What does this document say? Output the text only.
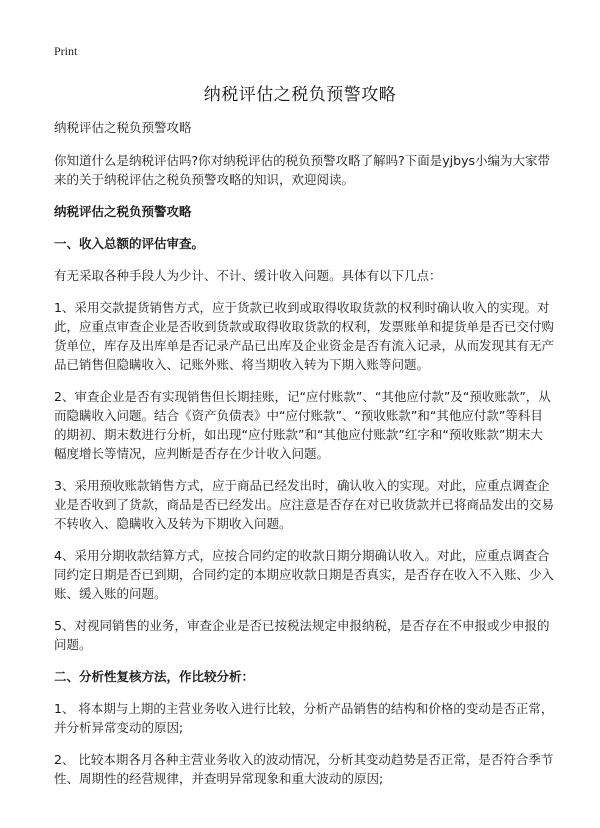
Print
纳税评估之税负预警攻略

纳税评估之税负预警攻略

你知道什么是纳税评估吗?你对纳税评估的税负预警攻略了解吗?下面是yjbys小编为大家带来的关于纳税评估之税负预警攻略的知识，欢迎阅读。

纳税评估之税负预警攻略

一、收入总额的评估审查。

有无采取各种手段人为少计、不计、缓计收入问题。具体有以下几点：

1、采用交款提货销售方式，应于货款已收到或取得收取货款的权利时确认收入的实现。对此，应重点审查企业是否收到货款或取得收取货款的权利，发票账单和提货单是否已交付购货单位，库存及出库单是否记录产品已出库及企业资金是否有流入记录，从而发现其有无产品已销售但隐瞒收入、记账外账、将当期收入转为下期入账等问题。

2、审查企业是否有实现销售但长期挂账，记“应付账款”、“其他应付款”及“预收账款”，从而隐瞒收入问题。结合《资产负债表》中“应付账款”、“预收账款”和“其他应付款”等科目的期初、期末数进行分析，如出现“应付账款”和“其他应付账款”红字和“预收账款”期末大幅度增长等情况，应判断是否存在少计收入问题。

3、采用预收账款销售方式，应于商品已经发出时，确认收入的实现。对此，应重点调查企业是否收到了货款，商品是否已经发出。应注意是否存在对已收货款并已将商品发出的交易不转收入、隐瞒收入及转为下期收入问题。

4、采用分期收款结算方式，应按合同约定的收款日期分期确认收入。对此，应重点调查合同约定日期是否已到期，合同约定的本期应收款日期是否真实，是否存在收入不入账、少入账、缓入账的问题。

5、对视同销售的业务，审查企业是否已按税法规定申报纳税，是否存在不申报或少申报的问题。

二、分析性复核方法，作比较分析：

1、 将本期与上期的主营业务收入进行比较，分析产品销售的结构和价格的变动是否正常，并分析异常变动的原因;

2、 比较本期各月各种主营业务收入的波动情况，分析其变动趋势是否正常，是否符合季节性、周期性的经营规律，并查明异常现象和重大波动的原因;
